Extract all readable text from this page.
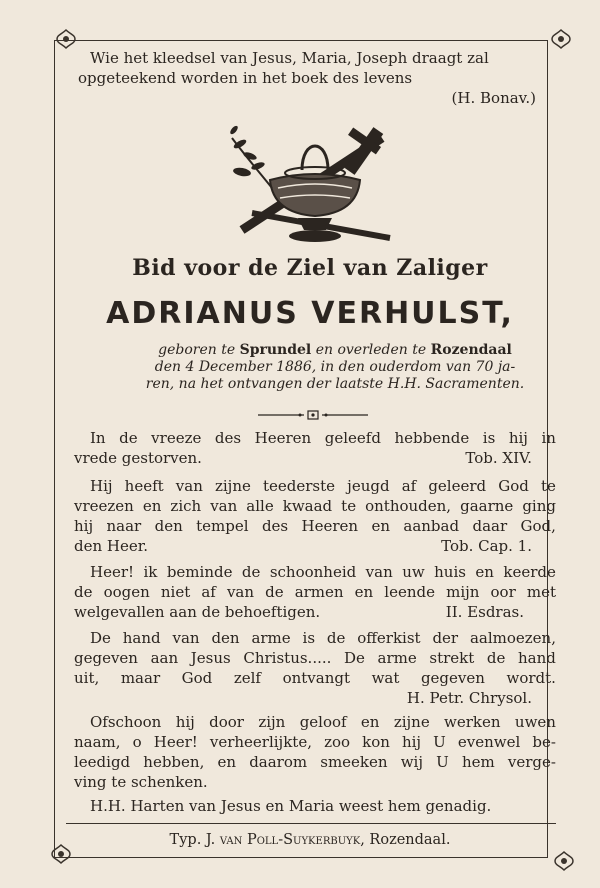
Wie het kleedsel van Jesus, Maria, Joseph draagt zal
opgeteekend worden in het boek des levens
(H. Bonav.)
Bid voor de Ziel van Zaliger
ADRIANUS VERHULST,
geboren te Sprundel en overleden te Rozendaal
den 4 December 1886, in den ouderdom van 70 ja-
ren, na het ontvangen der laatste H.H. Sacramenten.
In de vreeze des Heeren geleefd hebbende is hij in
vrede gestorven.	Tob. XIV.
Hij heeft van zijne teederste jeugd af geleerd God te
vreezen en zich van alle kwaad te onthouden, gaarne ging
hij naar den tempel des Heeren en aanbad daar God,
den Heer.	Tob. Cap. 1.
Heer! ik beminde de schoonheid van uw huis en keerde
de oogen niet af van de armen en leende mijn oor met
welgevallen aan de behoeftigen.	II. Esdras.
De hand van den arme is de offerkist der aalmoezen,
gegeven aan Jesus Christus..... De arme strekt de hand
uit, maar God zelf ontvangt wat gegeven wordt.
H. Petr. Chrysol.
Ofschoon hij door zijn geloof en zijne werken uwen
naam, o Heer! verheerlijkte, zoo kon hij U evenwel be-
leedigd hebben, en daarom smeeken wij U hem verge-
ving te schenken.
H.H. Harten van Jesus en Maria weest hem genadig.
Typ. J. van Poll-Suykerbuyk, Rozendaal.
